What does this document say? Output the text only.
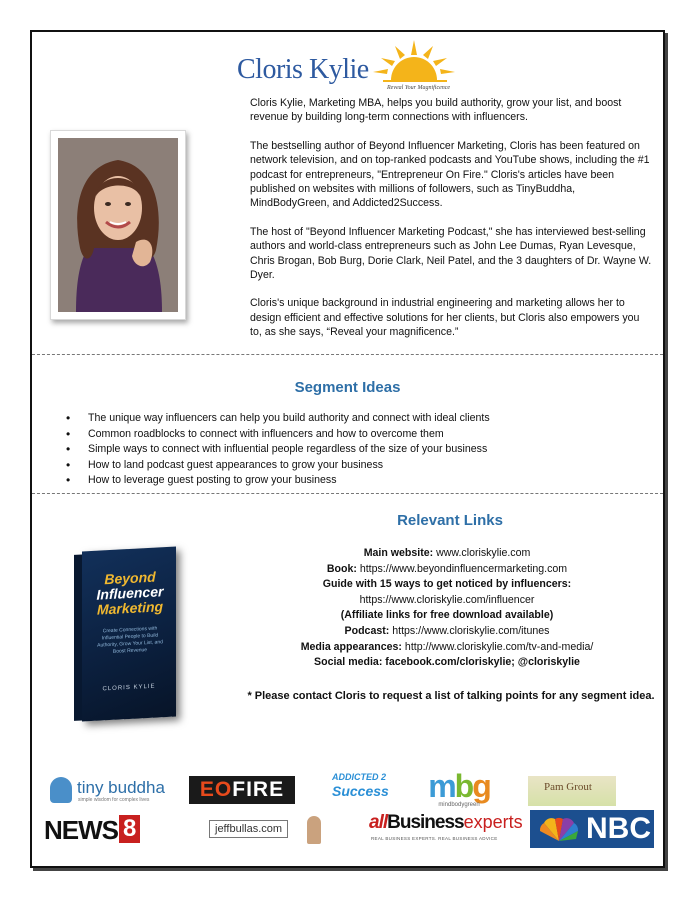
Cloris Kylie
Reveal Your Magnificence

Cloris Kylie, Marketing MBA, helps you build authority, grow your list, and boost revenue by building long-term connections with influencers.

The bestselling author of Beyond Influencer Marketing, Cloris has been featured on network television, and on top-ranked podcasts and YouTube shows, including the #1 podcast for entrepreneurs, "Entrepreneur On Fire." Cloris's articles have been published on websites with millions of followers, such as TinyBuddha, MindBodyGreen, and Addicted2Success.

The host of "Beyond Influencer Marketing Podcast," she has interviewed best-selling authors and world-class entrepreneurs such as John Lee Dumas, Ryan Levesque, Chris Brogan, Bob Burg, Dorie Clark, Neil Patel, and the 3 daughters of Dr. Wayne W. Dyer.

Cloris's unique background in industrial engineering and marketing allows her to design efficient and effective solutions for her clients, but Cloris also empowers you to, as she says, “Reveal your magnificence.”

Segment Ideas
• The unique way influencers can help you build authority and connect with ideal clients
• Common roadblocks to connect with influencers and how to overcome them
• Simple ways to connect with influential people regardless of the size of your business
• How to land podcast guest appearances to grow your business
• How to leverage guest posting to grow your business
Beyond
Influencer
Marketing
Create Connections with Influential People to Build Authority, Grow Your List, and Boost Revenue
CLORIS KYLIE
Relevant Links
Main website: www.cloriskylie.com
Book: https://www.beyondinfluencermarketing.com
Guide with 15 ways to get noticed by influencers:
https://www.cloriskylie.com/influencer
(Affiliate links for free download available)
Podcast: https://www.cloriskylie.com/itunes
Media appearances: http://www.cloriskylie.com/tv-and-media/
Social media: facebook.com/cloriskylie; @cloriskylie
* Please contact Cloris to request a list of talking points for any segment idea.
tiny buddha
simple wisdom for complex lives	EOFIRE
ADDICTED 2
Success mbg
mindbodygreen
Pam Grout
NEWS 8	jeffbullas.com	allBusinessexperts
REAL BUSINESS EXPERTS. REAL BUSINESS ADVICE	NBC
